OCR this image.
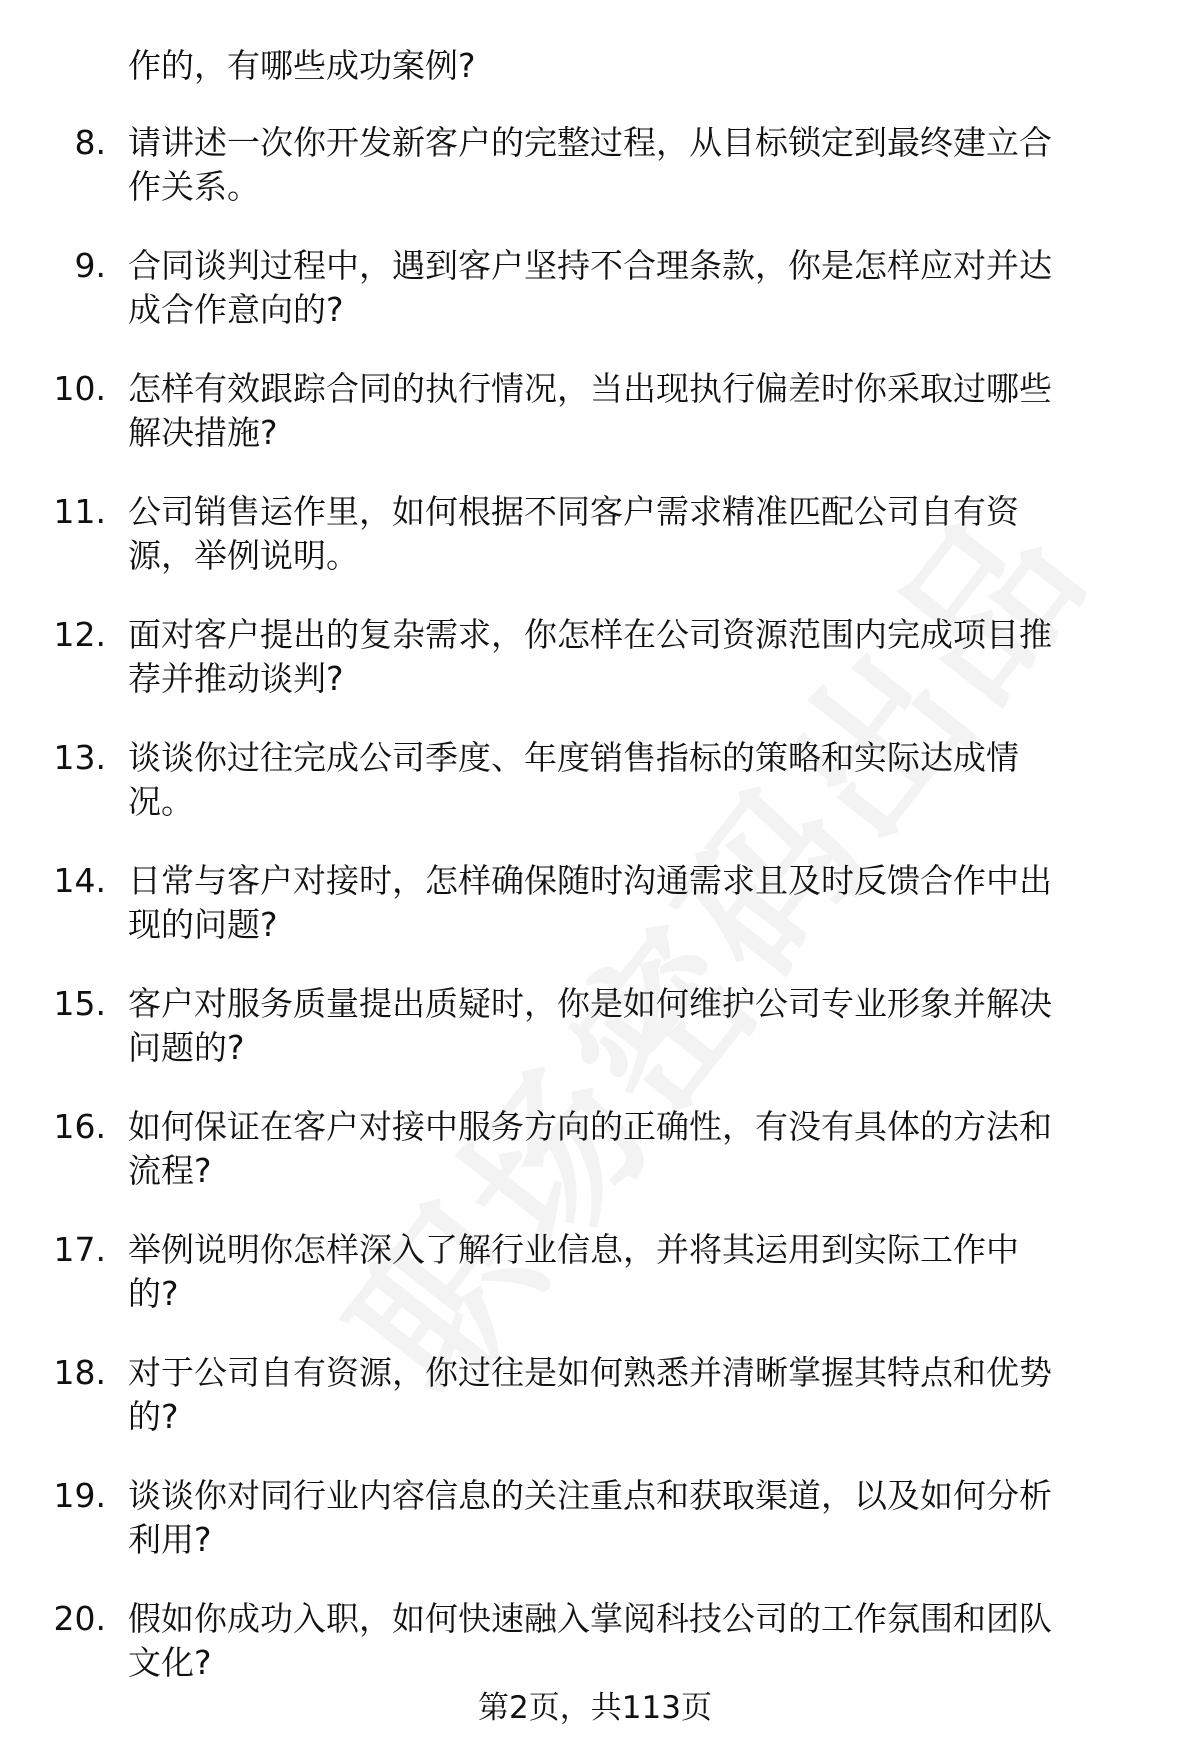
作的，有哪些成功案例?
8. 请讲述一次你开发新客户的完整过程，从目标锁定到最终建立合
作关系。
9. 合同谈判过程中，遇到客户坚持不合理条款，你是怎样应对并达
成合作意向的?
10. 怎样有效跟踪合同的执行情况，当出现执行偏差时你采取过哪些
解决措施?
11. 公司销售运作里，如何根据不同客户需求精准匹配公司自有资
源，举例说明。
12. 面对客户提出的复杂需求，你怎样在公司资源范围内完成项目推
荐并推动谈判?
13. 谈谈你过往完成公司季度、年度销售指标的策略和实际达成情
况。
14. 日常与客户对接时，怎样确保随时沟通需求且及时反馈合作中出
现的问题?
15. 客户对服务质量提出质疑时，你是如何维护公司专业形象并解决
问题的?
16. 如何保证在客户对接中服务方向的正确性，有没有具体的方法和
流程?
17. 举例说明你怎样深入了解行业信息，并将其运用到实际工作中
的?
18. 对于公司自有资源，你过往是如何熟悉并清晰掌握其特点和优势
的?
19. 谈谈你对同行业内容信息的关注重点和获取渠道，以及如何分析
利用?
20. 假如你成功入职，如何快速融入掌阅科技公司的工作氛围和团队
文化?
第2页，共113页
